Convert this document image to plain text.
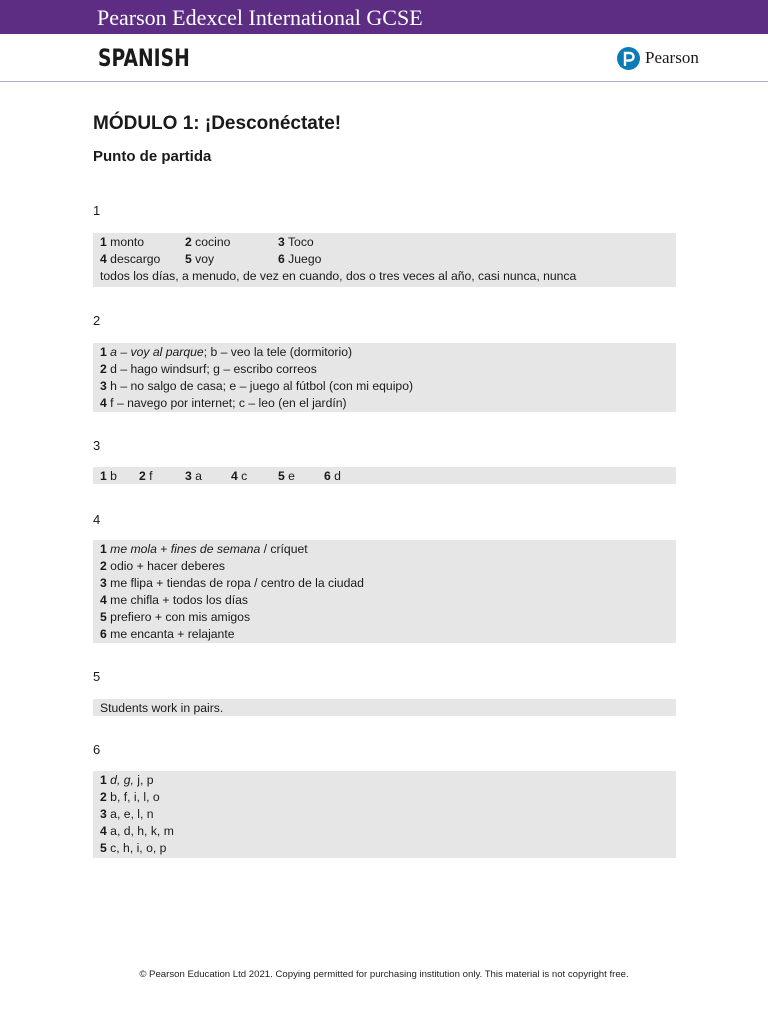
Pearson Edexcel International GCSE
SPANISH	Pearson
MÓDULO 1: ¡Desconéctate!
Punto de partida
1
1 monto	2 cocino	3 Toco
4 descargo 5 voy	6 Juego
todos los días, a menudo, de vez en cuando, dos o tres veces al año, casi nunca, nunca
2
1 a – voy al parque; b – veo la tele (dormitorio)
2 d – hago windsurf; g – escribo correos
3 h – no salgo de casa; e – juego al fútbol (con mi equipo)
4 f – navego por internet; c – leo (en el jardín)
3
1 b 2 f	3 a 4 c	5 e 6 d
4
1 me mola + fines de semana / críquet
2 odio + hacer deberes
3 me flipa + tiendas de ropa / centro de la ciudad
4 me chifla + todos los días
5 prefiero + con mis amigos
6 me encanta + relajante
5
Students work in pairs.
6
1 d, g, j, p
2 b, f, i, l, o
3 a, e, l, n
4 a, d, h, k, m
5 c, h, i, o, p
© Pearson Education Ltd 2021. Copying permitted for purchasing institution only. This material is not copyright free.
